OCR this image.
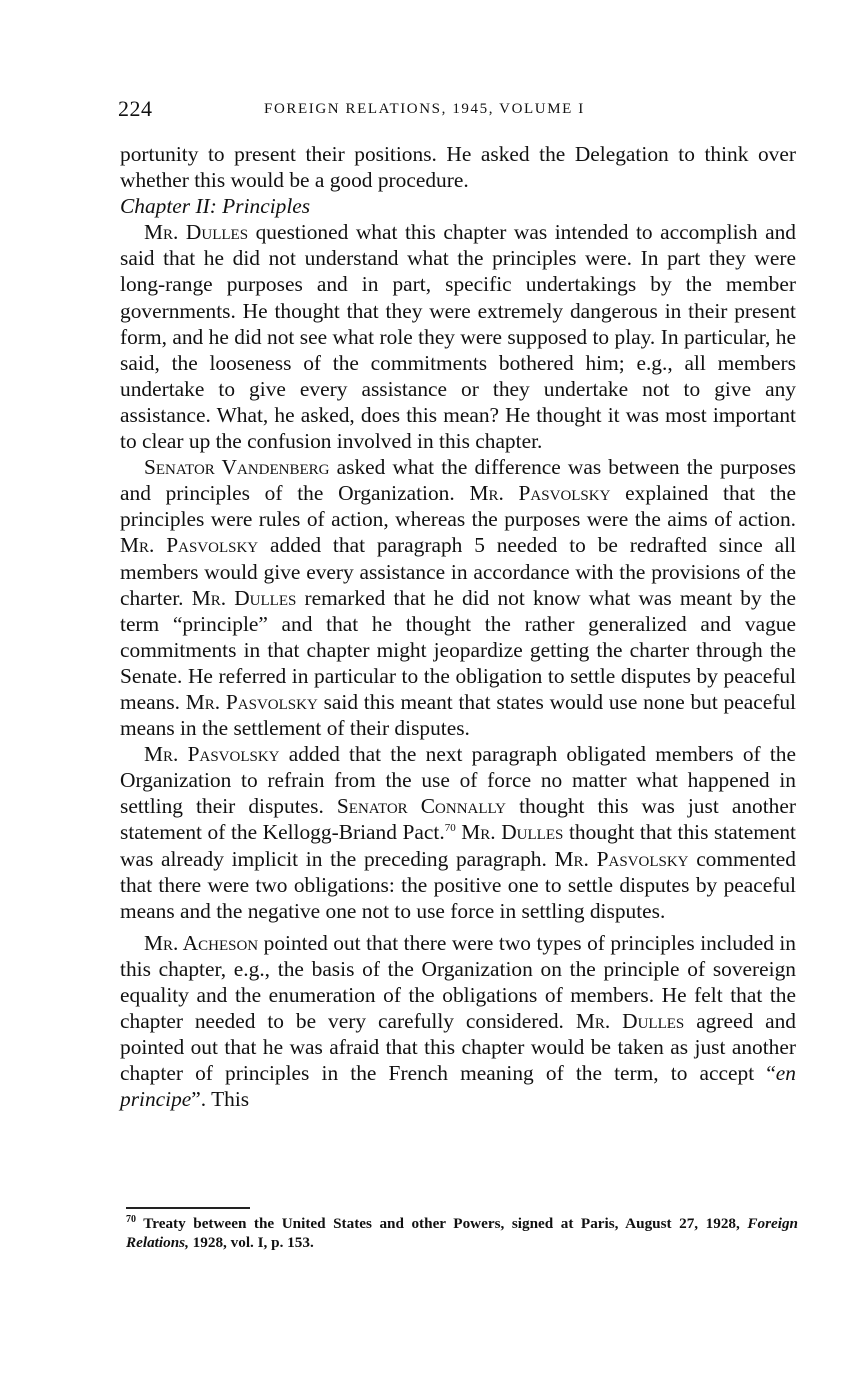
224	FOREIGN RELATIONS, 1945, VOLUME I

portunity to present their positions. He asked the Delegation to think over whether this would be a good procedure.

Chapter II: Principles

Mr. Dulles questioned what this chapter was intended to accomplish and said that he did not understand what the principles were. In part they were long-range purposes and in part, specific undertakings by the member governments. He thought that they were extremely dangerous in their present form, and he did not see what role they were supposed to play. In particular, he said, the looseness of the commitments bothered him; e.g., all members undertake to give every assistance or they undertake not to give any assistance. What, he asked, does this mean? He thought it was most important to clear up the confusion involved in this chapter.

Senator Vandenberg asked what the difference was between the purposes and principles of the Organization. Mr. Pasvolsky explained that the principles were rules of action, whereas the purposes were the aims of action. Mr. Pasvolsky added that paragraph 5 needed to be redrafted since all members would give every assistance in accordance with the provisions of the charter. Mr. Dulles remarked that he did not know what was meant by the term “principle” and that he thought the rather generalized and vague commitments in that chapter might jeopardize getting the charter through the Senate. He referred in particular to the obligation to settle disputes by peaceful means. Mr. Pasvolsky said this meant that states would use none but peaceful means in the settlement of their disputes.

Mr. Pasvolsky added that the next paragraph obligated members of the Organization to refrain from the use of force no matter what happened in settling their disputes. Senator Connally thought this was just another statement of the Kellogg-Briand Pact.$^{70}$ Mr. Dulles thought that this statement was already implicit in the preceding paragraph. Mr. Pasvolsky commented that there were two obligations: the positive one to settle disputes by peaceful means and the negative one not to use force in settling disputes.

Mr. Acheson pointed out that there were two types of principles included in this chapter, e.g., the basis of the Organization on the principle of sovereign equality and the enumeration of the obligations of members. He felt that the chapter needed to be very carefully considered. Mr. Dulles agreed and pointed out that he was afraid that this chapter would be taken as just another chapter of principles in the French meaning of the term, to accept “en principe”. This

$^{70}$ Treaty between the United States and other Powers, signed at Paris, August 27, 1928, Foreign Relations, 1928, vol. I, p. 153.
